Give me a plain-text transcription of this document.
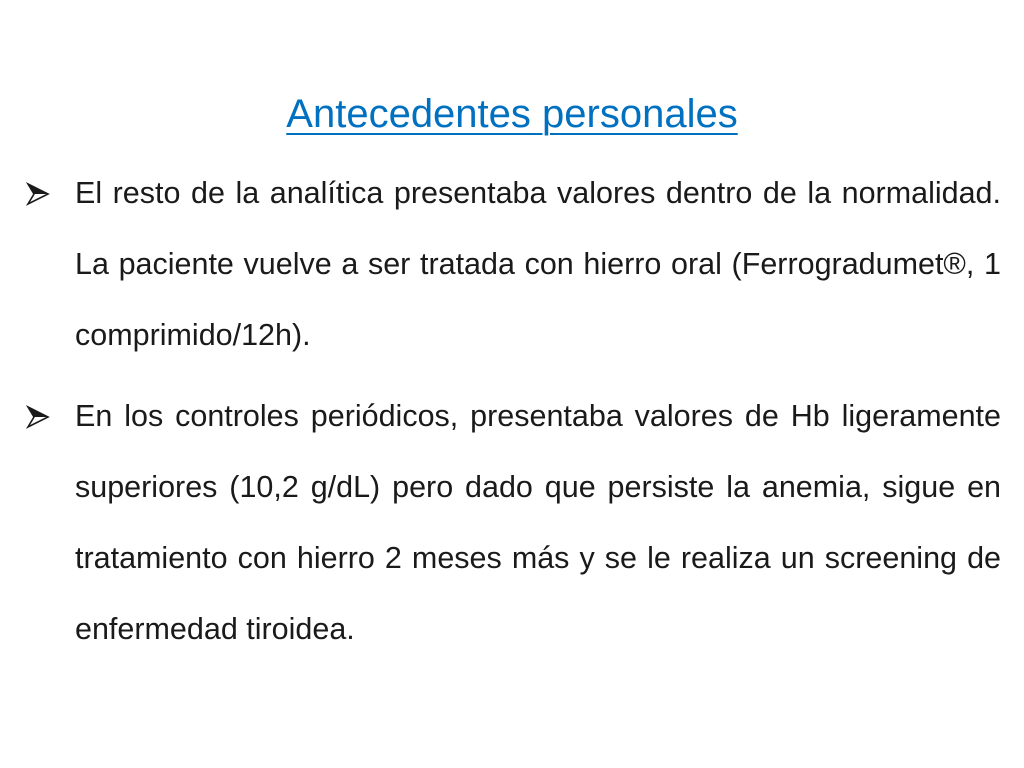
Antecedentes personales
El resto de la analítica presentaba valores dentro de la normalidad. La paciente vuelve a ser tratada con hierro oral (Ferrogradumet®, 1 comprimido/12h).
En los controles periódicos, presentaba valores de Hb ligeramente superiores (10,2 g/dL) pero dado que persiste la anemia, sigue en tratamiento con hierro 2 meses más y se le realiza un screening de enfermedad tiroidea.
